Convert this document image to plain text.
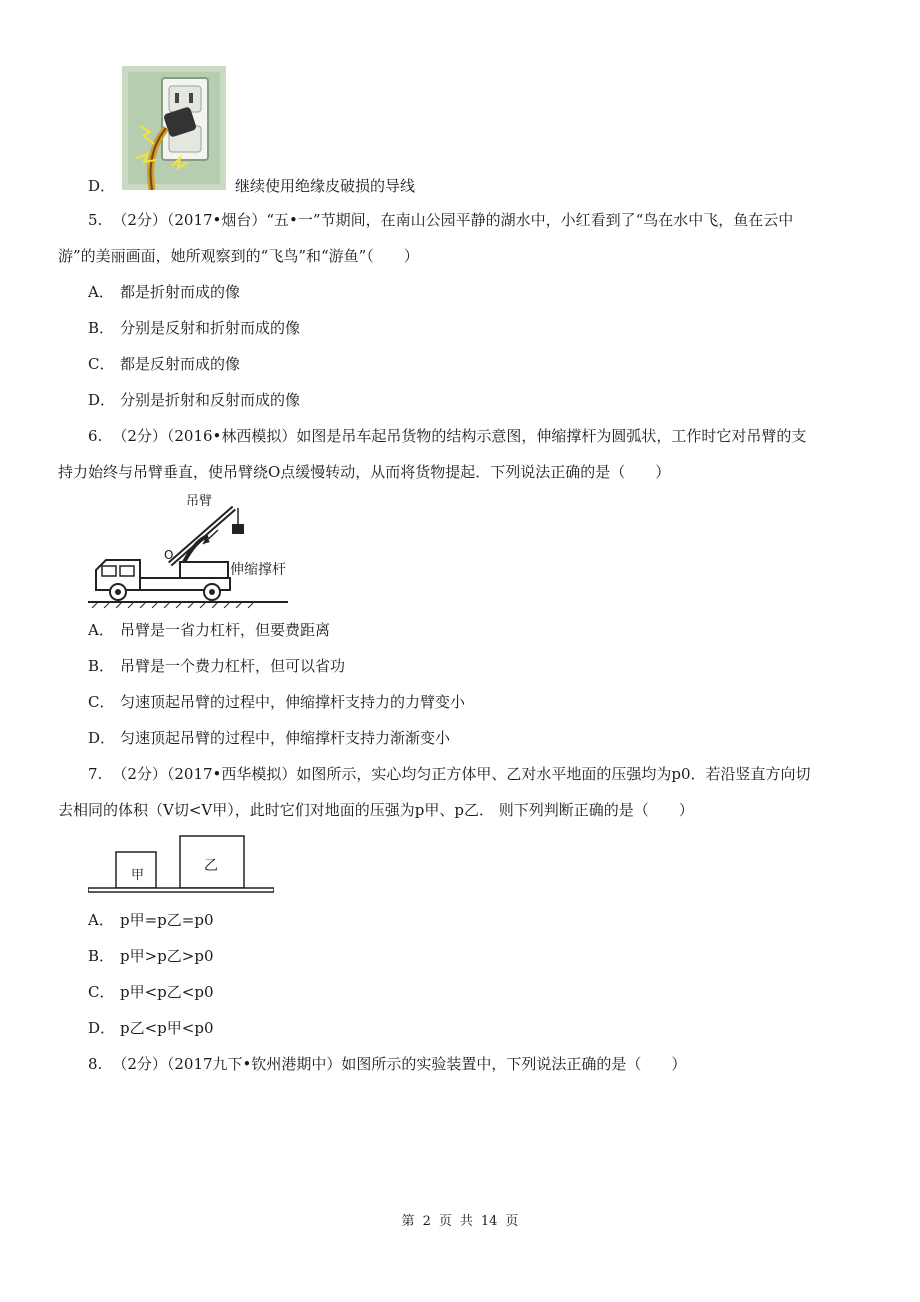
D．	继续使用绝缘皮破损的导线
5. （2分）（2017•烟台）“五•一”节期间，在南山公园平静的湖水中，小红看到了“鸟在水中飞，鱼在云中
游”的美丽画面，她所观察到的“飞鸟”和“游鱼”（　　）
A． 都是折射而成的像
B． 分别是反射和折射而成的像
C． 都是反射而成的像
D． 分别是折射和反射而成的像
6. （2分）（2016•林西模拟）如图是吊车起吊货物的结构示意图，伸缩撑杆为圆弧状，工作时它对吊臂的支
持力始终与吊臂垂直，使吊臂绕O点缓慢转动，从而将货物提起．下列说法正确的是（　　）
吊臂
O
伸缩撑杆
A． 吊臂是一省力杠杆，但要费距离
B． 吊臂是一个费力杠杆，但可以省功
C． 匀速顶起吊臂的过程中，伸缩撑杆支持力的力臂变小
D． 匀速顶起吊臂的过程中，伸缩撑杆支持力渐渐变小
7. （2分）（2017•西华模拟）如图所示，实心均匀正方体甲、乙对水平地面的压强均为p0．若沿竖直方向切
去相同的体积（V切<V甲），此时它们对地面的压强为p甲、p乙． 则下列判断正确的是（　　）
甲
乙
A． p甲=p乙=p0
B． p甲>p乙>p0
C． p甲<p乙<p0
D． p乙<p甲<p0
8. （2分）（2017九下•钦州港期中）如图所示的实验装置中，下列说法正确的是（　　）
第 2 页 共 14 页
